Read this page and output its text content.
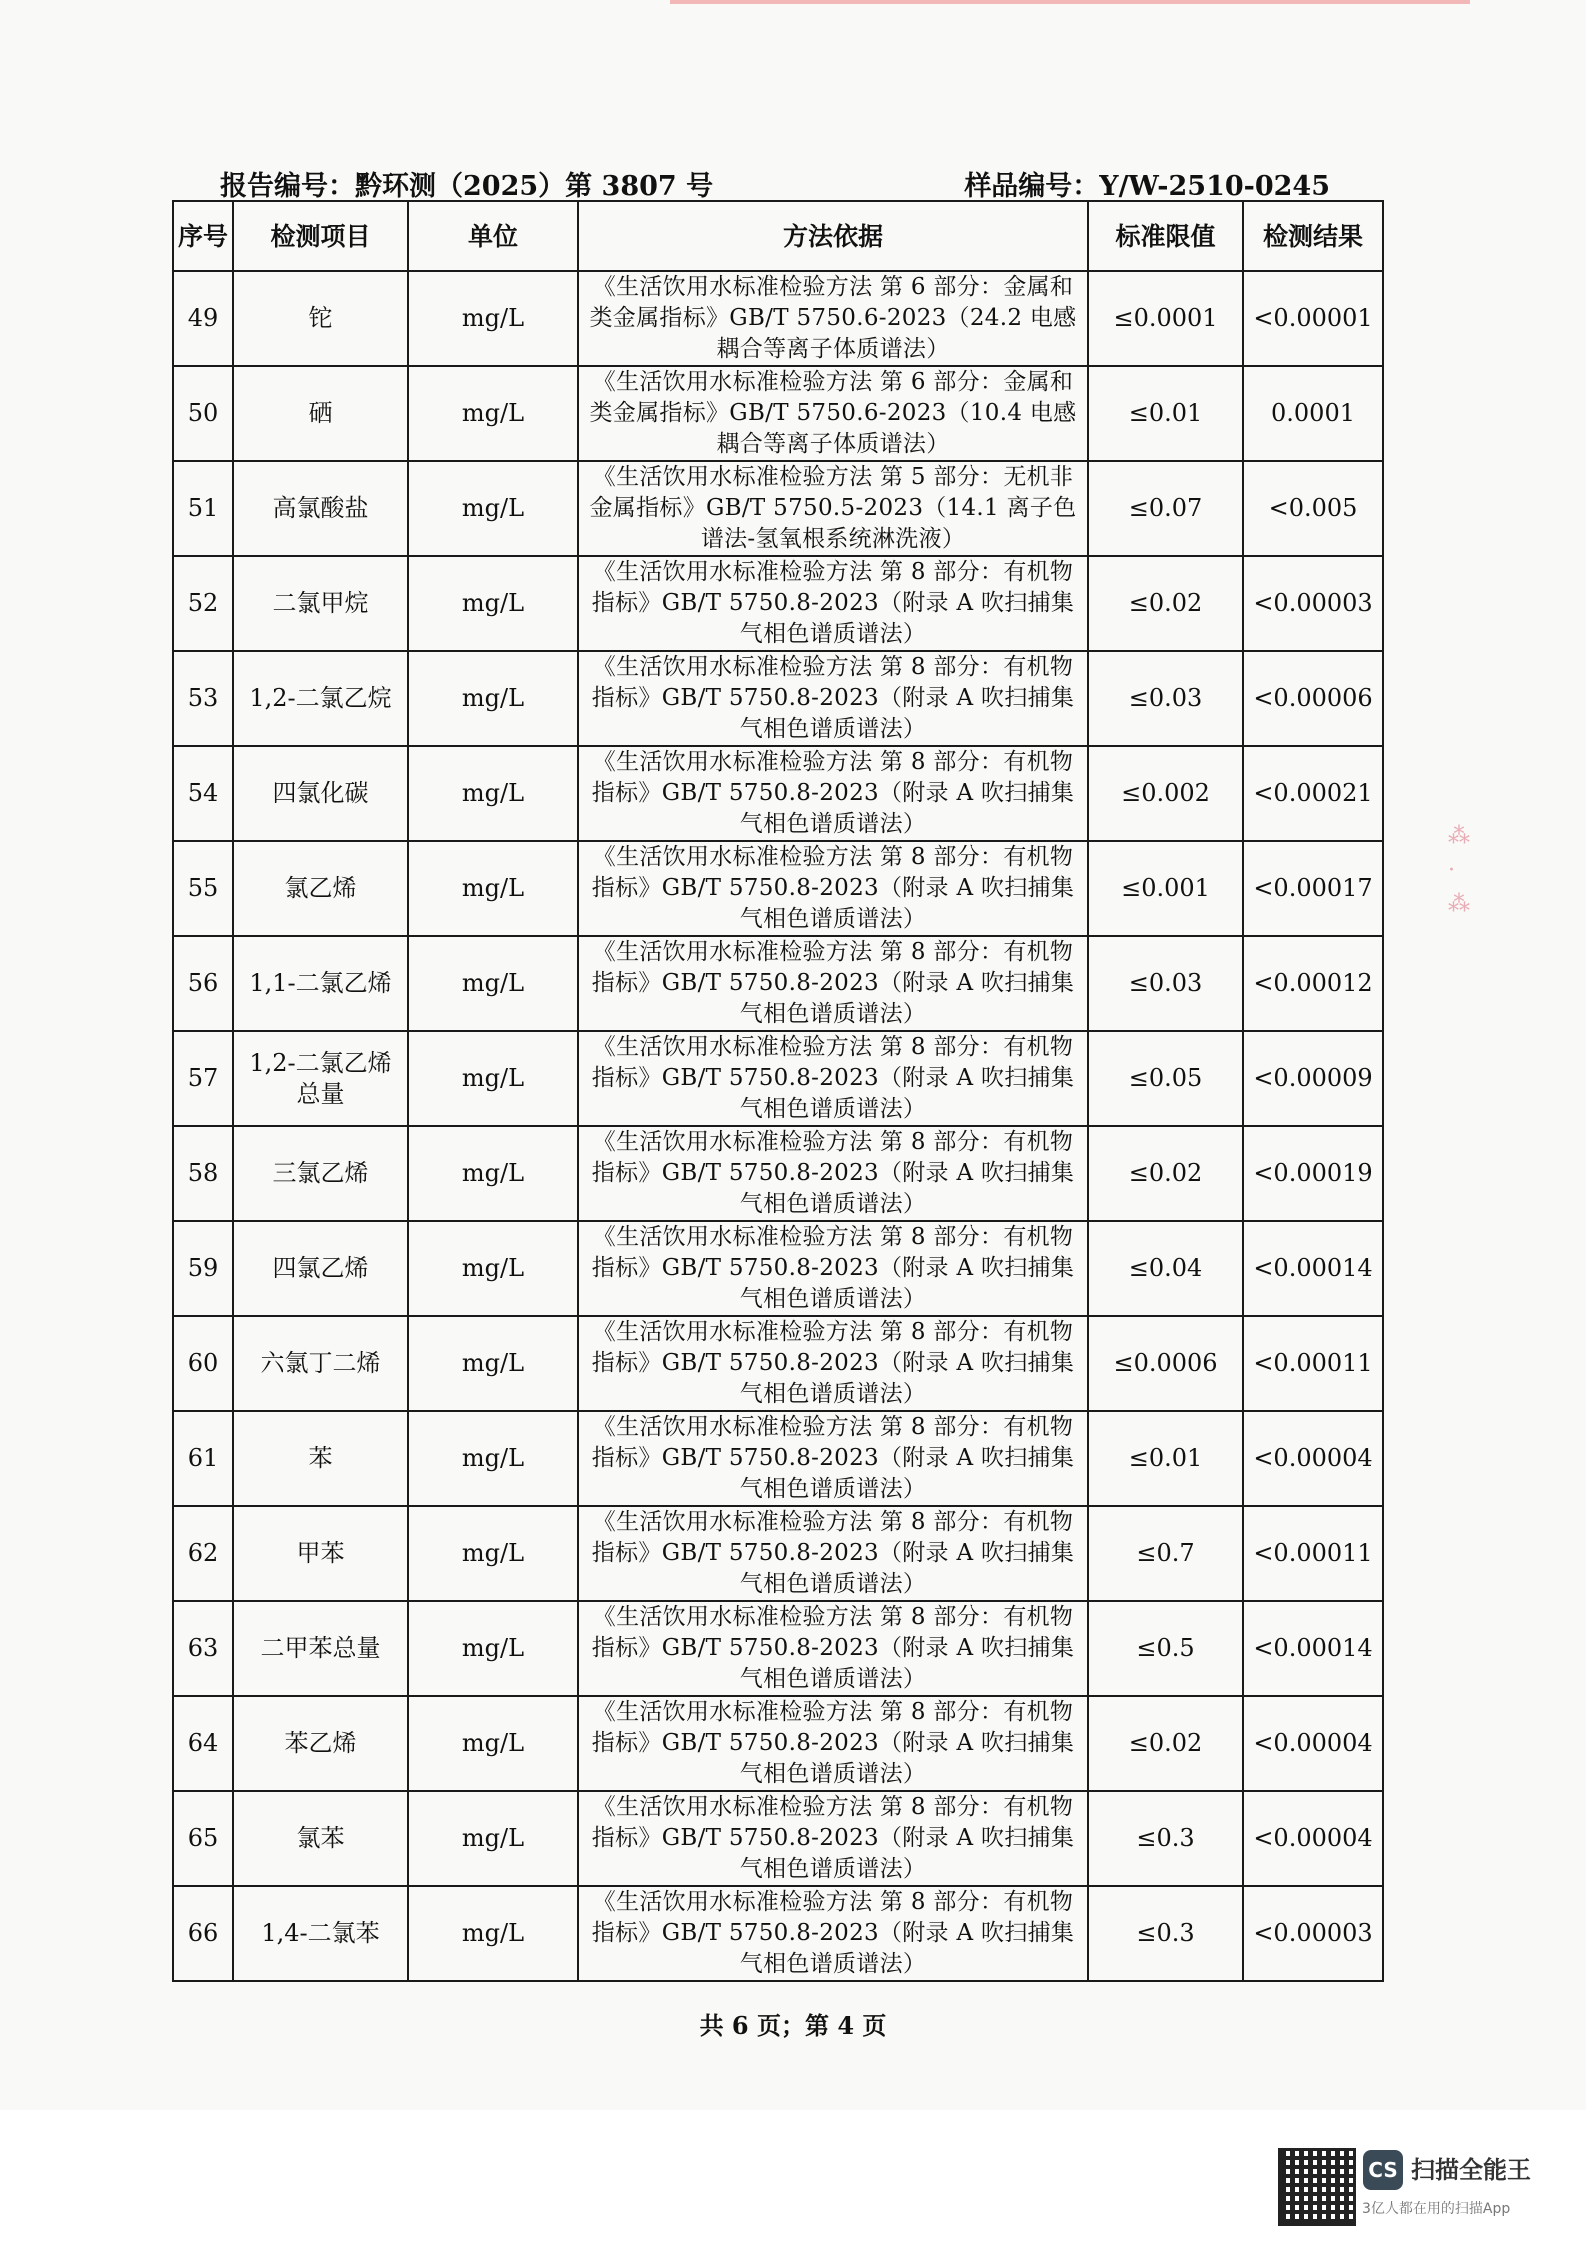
报告编号：黔环测（2025）第 3807 号	样品编号：Y/W-2510-0245
序号	检测项目	单位	方法依据	标准限值	检测结果
49	铊	mg/L	《生活饮用水标准检验方法 第 6 部分：金属和类金属指标》GB/T 5750.6-2023（24.2 电感耦合等离子体质谱法）	≤0.0001	<0.00001
50	硒	mg/L	《生活饮用水标准检验方法 第 6 部分：金属和类金属指标》GB/T 5750.6-2023（10.4 电感耦合等离子体质谱法）	≤0.01	0.0001
51	高氯酸盐	mg/L	《生活饮用水标准检验方法 第 5 部分：无机非金属指标》GB/T 5750.5-2023（14.1 离子色谱法-氢氧根系统淋洗液）	≤0.07	<0.005
52	二氯甲烷	mg/L	《生活饮用水标准检验方法 第 8 部分：有机物指标》GB/T 5750.8-2023（附录 A 吹扫捕集气相色谱质谱法）	≤0.02	<0.00003
53	1,2-二氯乙烷	mg/L	《生活饮用水标准检验方法 第 8 部分：有机物指标》GB/T 5750.8-2023（附录 A 吹扫捕集气相色谱质谱法）	≤0.03	<0.00006
54	四氯化碳	mg/L	《生活饮用水标准检验方法 第 8 部分：有机物指标》GB/T 5750.8-2023（附录 A 吹扫捕集气相色谱质谱法）	≤0.002	<0.00021
55	氯乙烯	mg/L	《生活饮用水标准检验方法 第 8 部分：有机物指标》GB/T 5750.8-2023（附录 A 吹扫捕集气相色谱质谱法）	≤0.001	<0.00017
56	1,1-二氯乙烯	mg/L	《生活饮用水标准检验方法 第 8 部分：有机物指标》GB/T 5750.8-2023（附录 A 吹扫捕集气相色谱质谱法）	≤0.03	<0.00012
57	1,2-二氯乙烯总量	mg/L	《生活饮用水标准检验方法 第 8 部分：有机物指标》GB/T 5750.8-2023（附录 A 吹扫捕集气相色谱质谱法）	≤0.05	<0.00009
58	三氯乙烯	mg/L	《生活饮用水标准检验方法 第 8 部分：有机物指标》GB/T 5750.8-2023（附录 A 吹扫捕集气相色谱质谱法）	≤0.02	<0.00019
59	四氯乙烯	mg/L	《生活饮用水标准检验方法 第 8 部分：有机物指标》GB/T 5750.8-2023（附录 A 吹扫捕集气相色谱质谱法）	≤0.04	<0.00014
60	六氯丁二烯	mg/L	《生活饮用水标准检验方法 第 8 部分：有机物指标》GB/T 5750.8-2023（附录 A 吹扫捕集气相色谱质谱法）	≤0.0006	<0.00011
61	苯	mg/L	《生活饮用水标准检验方法 第 8 部分：有机物指标》GB/T 5750.8-2023（附录 A 吹扫捕集气相色谱质谱法）	≤0.01	<0.00004
62	甲苯	mg/L	《生活饮用水标准检验方法 第 8 部分：有机物指标》GB/T 5750.8-2023（附录 A 吹扫捕集气相色谱质谱法）	≤0.7	<0.00011
63	二甲苯总量	mg/L	《生活饮用水标准检验方法 第 8 部分：有机物指标》GB/T 5750.8-2023（附录 A 吹扫捕集气相色谱质谱法）	≤0.5	<0.00014
64	苯乙烯	mg/L	《生活饮用水标准检验方法 第 8 部分：有机物指标》GB/T 5750.8-2023（附录 A 吹扫捕集气相色谱质谱法）	≤0.02	<0.00004
65	氯苯	mg/L	《生活饮用水标准检验方法 第 8 部分：有机物指标》GB/T 5750.8-2023（附录 A 吹扫捕集气相色谱质谱法）	≤0.3	<0.00004
66	1,4-二氯苯	mg/L	《生活饮用水标准检验方法 第 8 部分：有机物指标》GB/T 5750.8-2023（附录 A 吹扫捕集气相色谱质谱法）	≤0.3	<0.00003
⁂
·
⁂
共 6 页；第 4 页
CS 扫描全能王
3亿人都在用的扫描App
